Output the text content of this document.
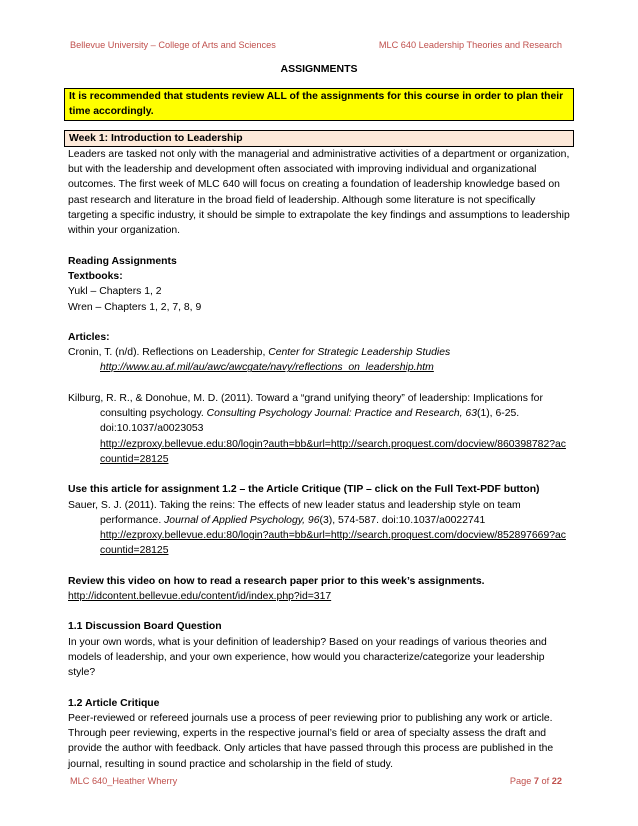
Bellevue University – College of Arts and Sciences	MLC 640 Leadership Theories and Research
ASSIGNMENTS
It is recommended that students review ALL of the assignments for this course in order to plan their time accordingly.
Week 1: Introduction to Leadership

Leaders are tasked not only with the managerial and administrative activities of a department or organization, but with the leadership and development often associated with improving individual and organizational outcomes. The first week of MLC 640 will focus on creating a foundation of leadership knowledge based on past research and literature in the broad field of leadership. Although some literature is not specifically targeting a specific industry, it should be simple to extrapolate the key findings and assumptions to leadership within your organization.

Reading Assignments

Textbooks:

Yukl – Chapters 1, 2

Wren – Chapters 1, 2, 7, 8, 9

Articles:

Cronin, T. (n/d). Reflections on Leadership, Center for Strategic Leadership Studies
http://www.au.af.mil/au/awc/awcgate/navy/reflections_on_leadership.htm

Kilburg, R. R., & Donohue, M. D. (2011). Toward a “grand unifying theory” of leadership: Implications for consulting psychology. Consulting Psychology Journal: Practice and Research, 63(1), 6-25.
doi:10.1037/a0023053
http://ezproxy.bellevue.edu:80/login?auth=bb&url=http://search.proquest.com/docview/860398782?accountid=28125

Use this article for assignment 1.2 – the Article Critique (TIP – click on the Full Text-PDF button)

Sauer, S. J. (2011). Taking the reins: The effects of new leader status and leadership style on team performance. Journal of Applied Psychology, 96(3), 574-587. doi:10.1037/a0022741
http://ezproxy.bellevue.edu:80/login?auth=bb&url=http://search.proquest.com/docview/852897669?accountid=28125

Review this video on how to read a research paper prior to this week’s assignments.

http://idcontent.bellevue.edu/content/id/index.php?id=317

1.1 Discussion Board Question

In your own words, what is your definition of leadership? Based on your readings of various theories and models of leadership, and your own experience, how would you characterize/categorize your leadership style?

1.2 Article Critique

Peer-reviewed or refereed journals use a process of peer reviewing prior to publishing any work or article. Through peer reviewing, experts in the respective journal’s field or area of specialty assess the draft and provide the author with feedback. Only articles that have passed through this process are published in the journal, resulting in sound practice and scholarship in the field of study.

MLC 640_Heather Wherry	Page 7 of 22
